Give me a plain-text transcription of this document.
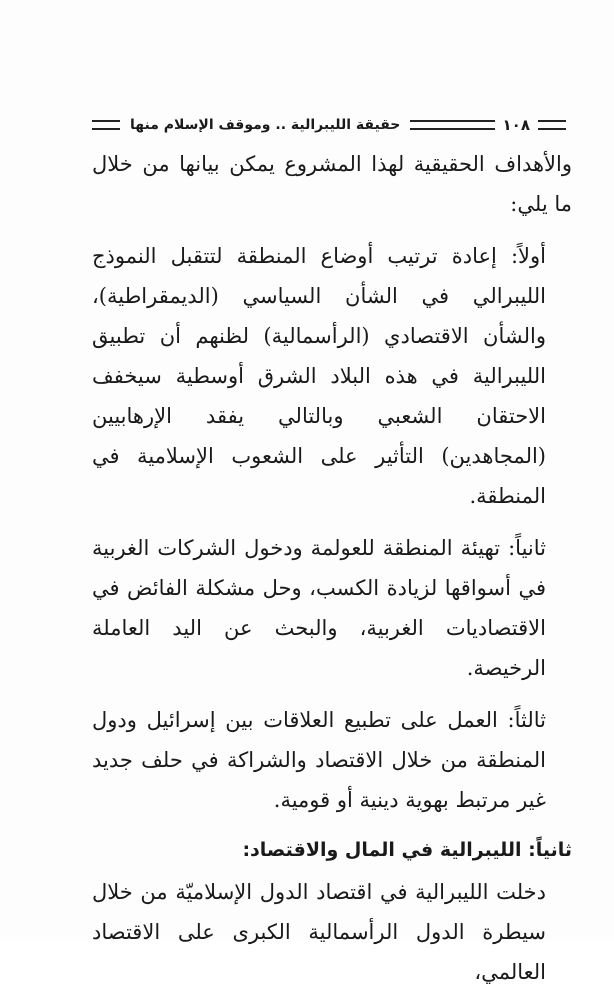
١٠٨
حقيقة الليبرالية .. وموقف الإسلام منها

والأهداف الحقيقية لهذا المشروع يمكن بيانها من خلال ما يلي:

أولاً: إعادة ترتيب أوضاع المنطقة لتتقبل النموذج الليبرالي في الشأن السياسي (الديمقراطية)، والشأن الاقتصادي (الرأسمالية) لظنهم أن تطبيق الليبرالية في هذه البلاد الشرق أوسطية سيخفف الاحتقان الشعبي وبالتالي يفقد الإرهابيين (المجاهدين) التأثير على الشعوب الإسلامية في المنطقة.

ثانياً: تهيئة المنطقة للعولمة ودخول الشركات الغربية في أسواقها لزيادة الكسب، وحل مشكلة الفائض في الاقتصاديات الغربية، والبحث عن اليد العاملة الرخيصة.

ثالثاً: العمل على تطبيع العلاقات بين إسرائيل ودول المنطقة من خلال الاقتصاد والشراكة في حلف جديد غير مرتبط بهوية دينية أو قومية.

ثانياً: الليبرالية في المال والاقتصاد:

دخلت الليبرالية في اقتصاد الدول الإسلاميّة من خلال سيطرة الدول الرأسمالية الكبرى على الاقتصاد العالمي،
